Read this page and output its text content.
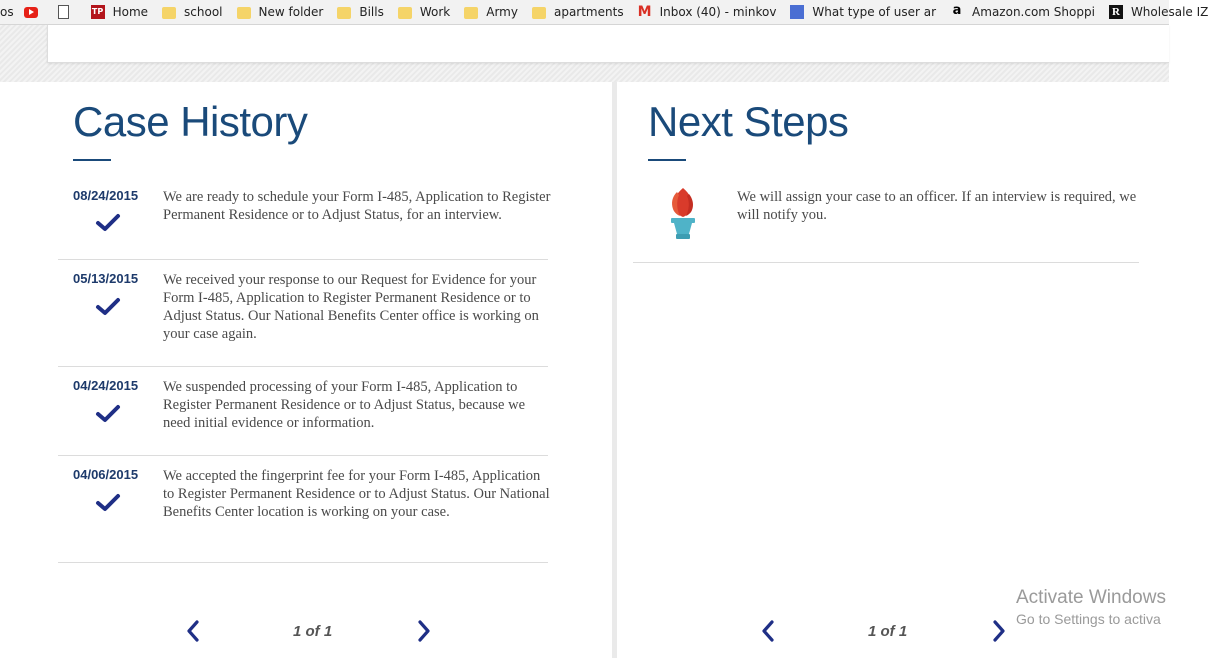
os	TP Home	school	New folder	Bills	Work	Army	apartments M Inbox (40) - minkov	What type of user ar a Amazon.com Shoppi R Wholesale IZ
Case History
08/24/2015 We are ready to schedule your Form I-485, Application to Register Permanent Residence or to Adjust Status, for an interview.
05/13/2015 We received your response to our Request for Evidence for your Form I-485, Application to Register Permanent Residence or to Adjust Status. Our National Benefits Center office is working on your case again.
04/24/2015 We suspended processing of your Form I-485, Application to Register Permanent Residence or to Adjust Status, because we need initial evidence or information.
04/06/2015 We accepted the fingerprint fee for your Form I-485, Application to Register Permanent Residence or to Adjust Status. Our National Benefits Center location is working on your case.
1 of 1
Next Steps
We will assign your case to an officer. If an interview is required, we will notify you.
1 of 1
Activate Windows
Go to Settings to activa
